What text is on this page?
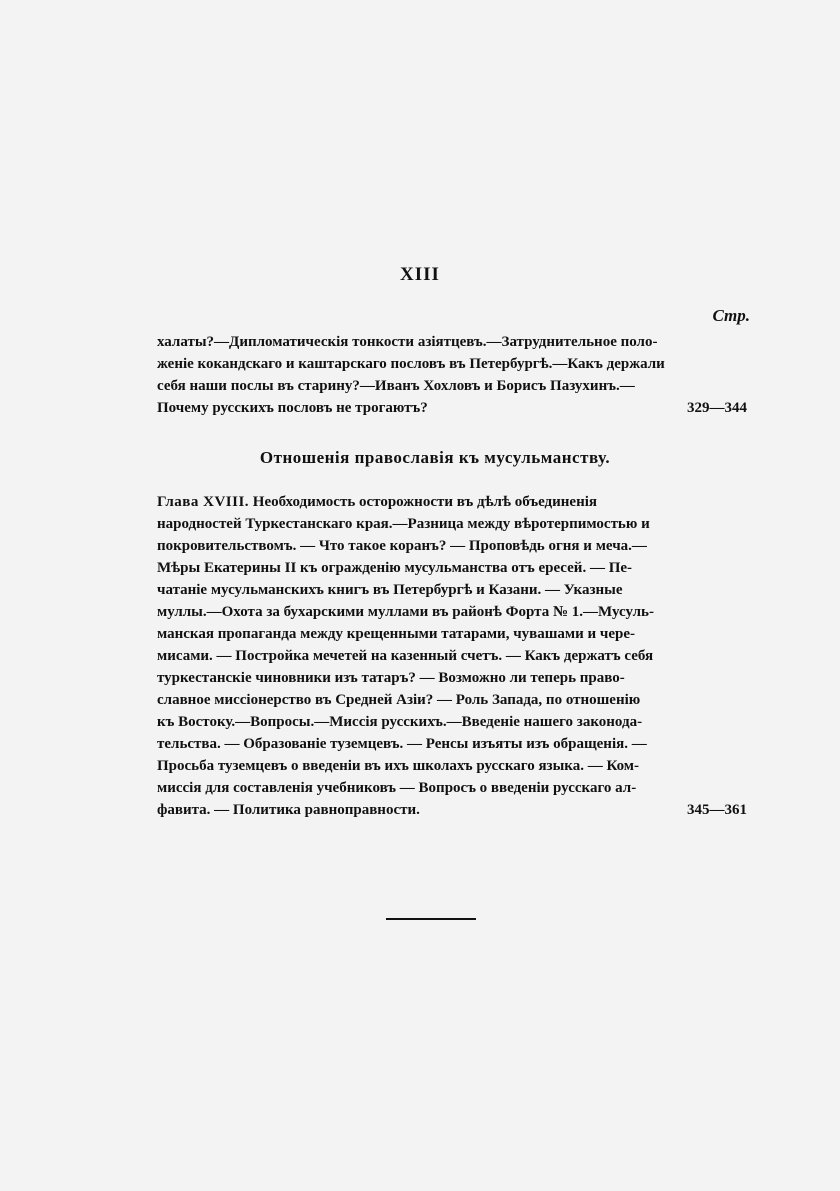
XIII
Стр.
халаты?—Дипломатическія тонкости азіятцевъ.—Затруднительное поло-
женіе кокандскаго и каштарскаго пословъ въ Петербургѣ.—Какъ держали
себя наши послы въ старину?—Иванъ Хохловъ и Борисъ Пазухинъ.—
Почему русскихъ пословъ не трогаютъ?	329—344
Отношенія православія къ мусульманству.
Глава XVIII. Необходимость осторожности въ дѣлѣ объединенія
народностей Туркестанскаго края.—Разница между вѣротерпимостью и
покровительствомъ. — Что такое коранъ? — Проповѣдь огня и меча.—
Мѣры Екатерины II къ огражденію мусульманства отъ ересей. — Пе-
чатаніе мусульманскихъ книгъ въ Петербургѣ и Казани. — Указные
муллы.—Охота за бухарскими муллами въ районѣ Форта № 1.—Мусуль-
манская пропаганда между крещенными татарами, чувашами и чере-
мисами. — Постройка мечетей на казенный счетъ. — Какъ держатъ себя
туркестанскіе чиновники изъ татаръ? — Возможно ли теперь право-
славное миссіонерство въ Средней Азіи? — Роль Запада, по отношенію
къ Востоку.—Вопросы.—Миссія русскихъ.—Введеніе нашего законода-
тельства. — Образованіе туземцевъ. — Ренсы изъяты изъ обращенія. —
Просьба туземцевъ о введеніи въ ихъ школахъ русскаго языка. — Ком-
миссія для составленія учебниковъ — Вопросъ о введеніи русскаго ал-
фавита. — Политика равноправности.	345—361
